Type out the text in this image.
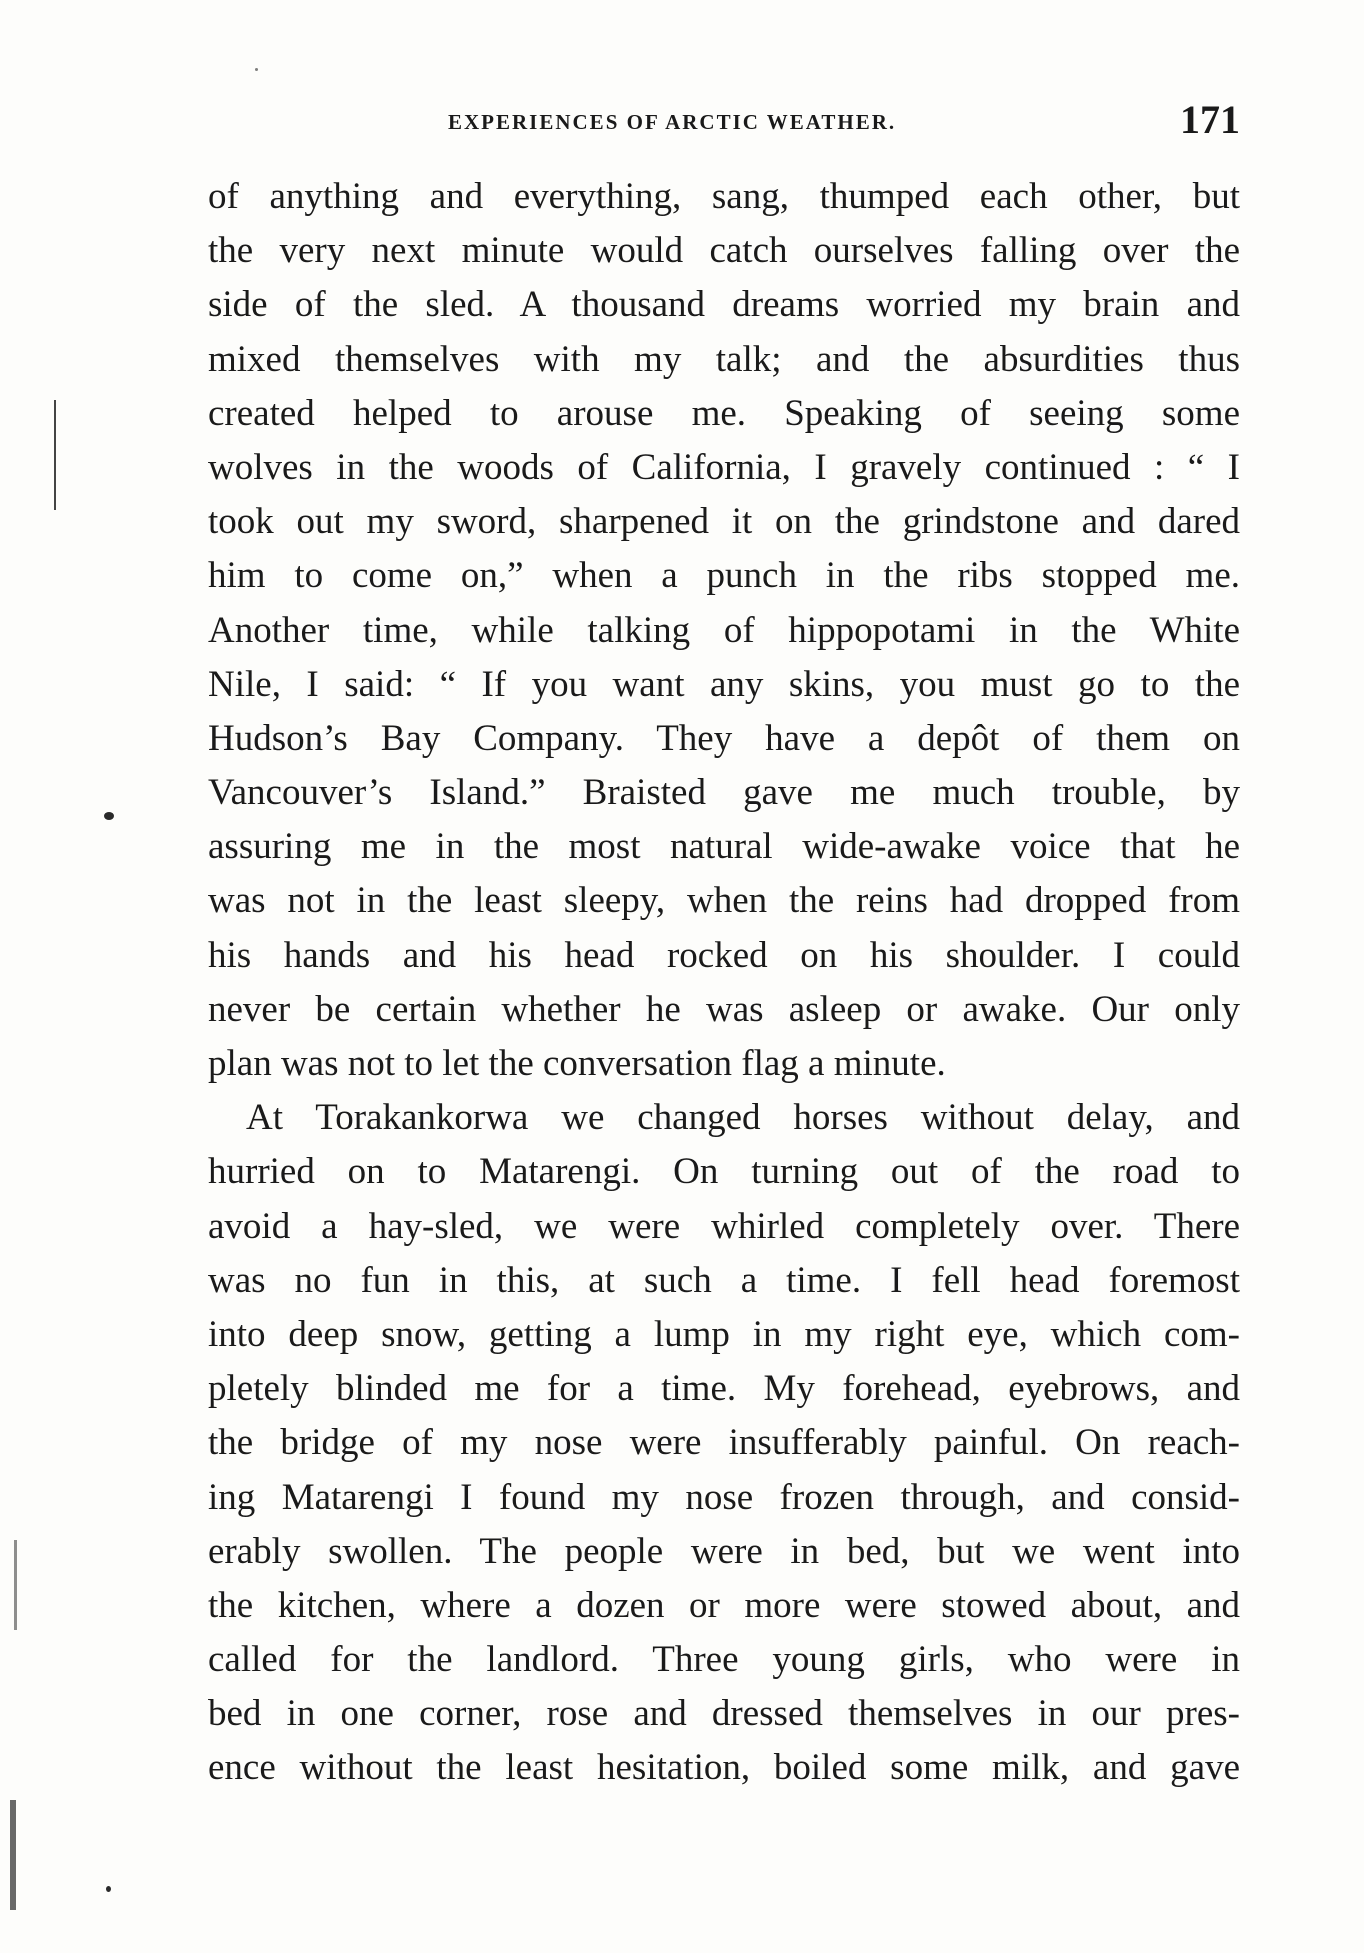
EXPERIENCES OF ARCTIC WEATHER.	171
of anything and everything, sang, thumped each other, but
the very next minute would catch ourselves falling over the
side of the sled. A thousand dreams worried my brain and
mixed themselves with my talk; and the absurdities thus
created helped to arouse me. Speaking of seeing some
wolves in the woods of California, I gravely continued : “ I
took out my sword, sharpened it on the grindstone and dared
him to come on,” when a punch in the ribs stopped me.
Another time, while talking of hippopotami in the White
Nile, I said: “ If you want any skins, you must go to the
Hudson’s Bay Company. They have a depôt of them on
Vancouver’s Island.” Braisted gave me much trouble, by
assuring me in the most natural wide-awake voice that he
was not in the least sleepy, when the reins had dropped from
his hands and his head rocked on his shoulder. I could
never be certain whether he was asleep or awake. Our only
plan was not to let the conversation flag a minute.
At Torakankorwa we changed horses without delay, and
hurried on to Matarengi. On turning out of the road to
avoid a hay-sled, we were whirled completely over. There
was no fun in this, at such a time. I fell head foremost
into deep snow, getting a lump in my right eye, which com-
pletely blinded me for a time. My forehead, eyebrows, and
the bridge of my nose were insufferably painful. On reach-
ing Matarengi I found my nose frozen through, and consid-
erably swollen. The people were in bed, but we went into
the kitchen, where a dozen or more were stowed about, and
called for the landlord. Three young girls, who were in
bed in one corner, rose and dressed themselves in our pres-
ence without the least hesitation, boiled some milk, and gave
